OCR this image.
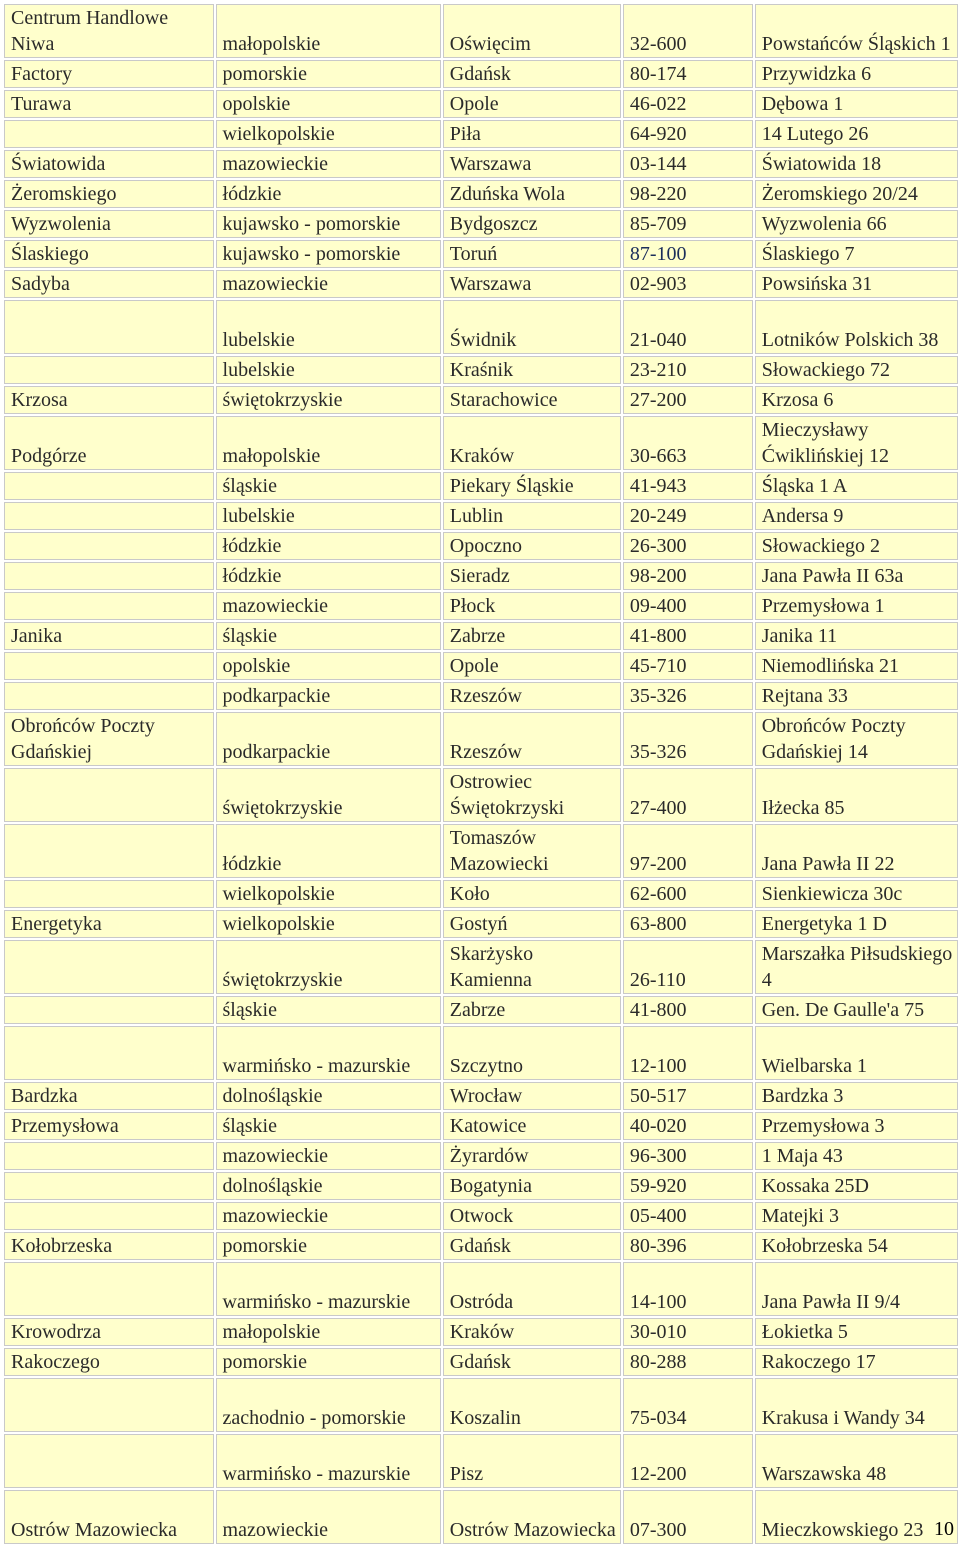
Centrum Handlowe Niwa	małopolskie	Oświęcim	32-600	Powstańców Śląskich 1
Factory	pomorskie	Gdańsk	80-174	Przywidzka 6
Turawa	opolskie	Opole	46-022	Dębowa 1
	wielkopolskie	Piła	64-920	14 Lutego 26
Światowida	mazowieckie	Warszawa	03-144	Światowida 18
Żeromskiego	łódzkie	Zduńska Wola	98-220	Żeromskiego 20/24
Wyzwolenia	kujawsko - pomorskie	Bydgoszcz	85-709	Wyzwolenia 66
Ślaskiego	kujawsko - pomorskie	Toruń	87-100	Ślaskiego 7
Sadyba	mazowieckie	Warszawa	02-903	Powsińska 31
	lubelskie	Świdnik	21-040	Lotników Polskich 38
	lubelskie	Kraśnik	23-210	Słowackiego 72
Krzosa	świętokrzyskie	Starachowice	27-200	Krzosa 6
Podgórze	małopolskie	Kraków	30-663	Mieczysławy Ćwiklińskiej 12
	śląskie	Piekary Śląskie	41-943	Śląska 1 A
	lubelskie	Lublin	20-249	Andersa 9
	łódzkie	Opoczno	26-300	Słowackiego 2
	łódzkie	Sieradz	98-200	Jana Pawła II 63a
	mazowieckie	Płock	09-400	Przemysłowa 1
Janika	śląskie	Zabrze	41-800	Janika 11
	opolskie	Opole	45-710	Niemodlińska 21
	podkarpackie	Rzeszów	35-326	Rejtana 33
Obrońców Poczty Gdańskiej	podkarpackie	Rzeszów	35-326	Obrońców Poczty Gdańskiej 14
	świętokrzyskie	Ostrowiec Świętokrzyski	27-400	Iłżecka 85
	łódzkie	Tomaszów Mazowiecki	97-200	Jana Pawła II 22
	wielkopolskie	Koło	62-600	Sienkiewicza 30c
Energetyka	wielkopolskie	Gostyń	63-800	Energetyka 1 D
	świętokrzyskie	Skarżysko Kamienna	26-110	Marszałka Piłsudskiego 4
	śląskie	Zabrze	41-800	Gen. De Gaulle'a 75
	warmińsko - mazurskie	Szczytno	12-100	Wielbarska 1
Bardzka	dolnośląskie	Wrocław	50-517	Bardzka 3
Przemysłowa	śląskie	Katowice	40-020	Przemysłowa 3
	mazowieckie	Żyrardów	96-300	1 Maja 43
	dolnośląskie	Bogatynia	59-920	Kossaka 25D
	mazowieckie	Otwock	05-400	Matejki 3
Kołobrzeska	pomorskie	Gdańsk	80-396	Kołobrzeska 54
	warmińsko - mazurskie	Ostróda	14-100	Jana Pawła II 9/4
Krowodrza	małopolskie	Kraków	30-010	Łokietka 5
Rakoczego	pomorskie	Gdańsk	80-288	Rakoczego 17
	zachodnio - pomorskie	Koszalin	75-034	Krakusa i Wandy 34
	warmińsko - mazurskie	Pisz	12-200	Warszawska 48
Ostrów Mazowiecka	mazowieckie	Ostrów Mazowiecka	07-300	Mieczkowskiego 23 10
